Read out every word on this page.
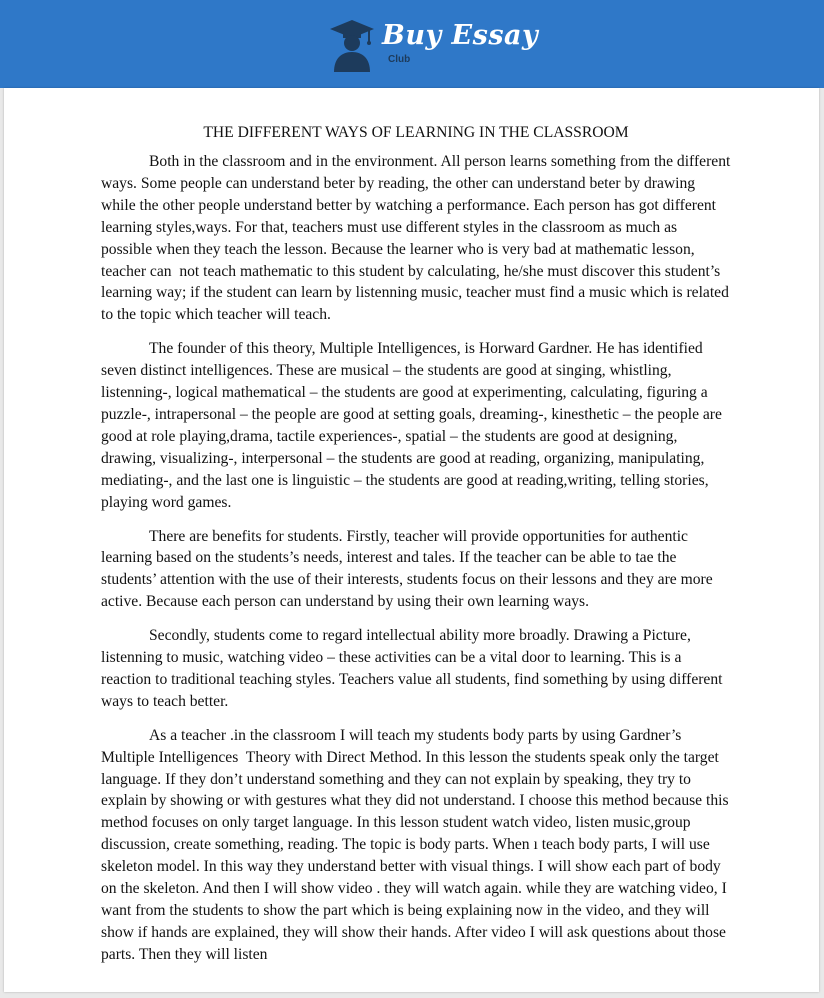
Buy Essay
Club
THE DIFFERENT WAYS OF LEARNING IN THE CLASSROOM

Both in the classroom and in the environment. All person learns something from the different ways. Some people can understand beter by reading, the other can understand beter by drawing while the other people understand better by watching a performance. Each person has got different learning styles,ways. For that, teachers must use different styles in the classroom as much as possible when they teach the lesson. Because the learner who is very bad at mathematic lesson, teacher can  not teach mathematic to this student by calculating, he/she must discover this student’s learning way; if the student can learn by listenning music, teacher must find a music which is related to the topic which teacher will teach.

The founder of this theory, Multiple Intelligences, is Horward Gardner. He has identified seven distinct intelligences. These are musical – the students are good at singing, whistling, listenning-, logical mathematical – the students are good at experimenting, calculating, figuring a puzzle-, intrapersonal – the people are good at setting goals, dreaming-, kinesthetic – the people are good at role playing,drama, tactile experiences-, spatial – the students are good at designing, drawing, visualizing-, interpersonal – the students are good at reading, organizing, manipulating, mediating-, and the last one is linguistic – the students are good at reading,writing, telling stories, playing word games.

There are benefits for students. Firstly, teacher will provide opportunities for authentic learning based on the students’s needs, interest and tales. If the teacher can be able to tae the students’ attention with the use of their interests, students focus on their lessons and they are more active. Because each person can understand by using their own learning ways.

Secondly, students come to regard intellectual ability more broadly. Drawing a Picture, listenning to music, watching video – these activities can be a vital door to learning. This is a reaction to traditional teaching styles. Teachers value all students, find something by using different ways to teach better.

As a teacher .in the classroom I will teach my students body parts by using Gardner’s Multiple Intelligences  Theory with Direct Method. In this lesson the students speak only the target language. If they don’t understand something and they can not explain by speaking, they try to explain by showing or with gestures what they did not understand. I choose this method because this method focuses on only target language. In this lesson student watch video, listen music,group discussion, create something, reading. The topic is body parts. When ı teach body parts, I will use skeleton model. In this way they understand better with visual things. I will show each part of body on the skeleton. And then I will show video . they will watch again. while they are watching video, I want from the students to show the part which is being explaining now in the video, and they will show if hands are explained, they will show their hands. After video I will ask questions about those parts. Then they will listen
